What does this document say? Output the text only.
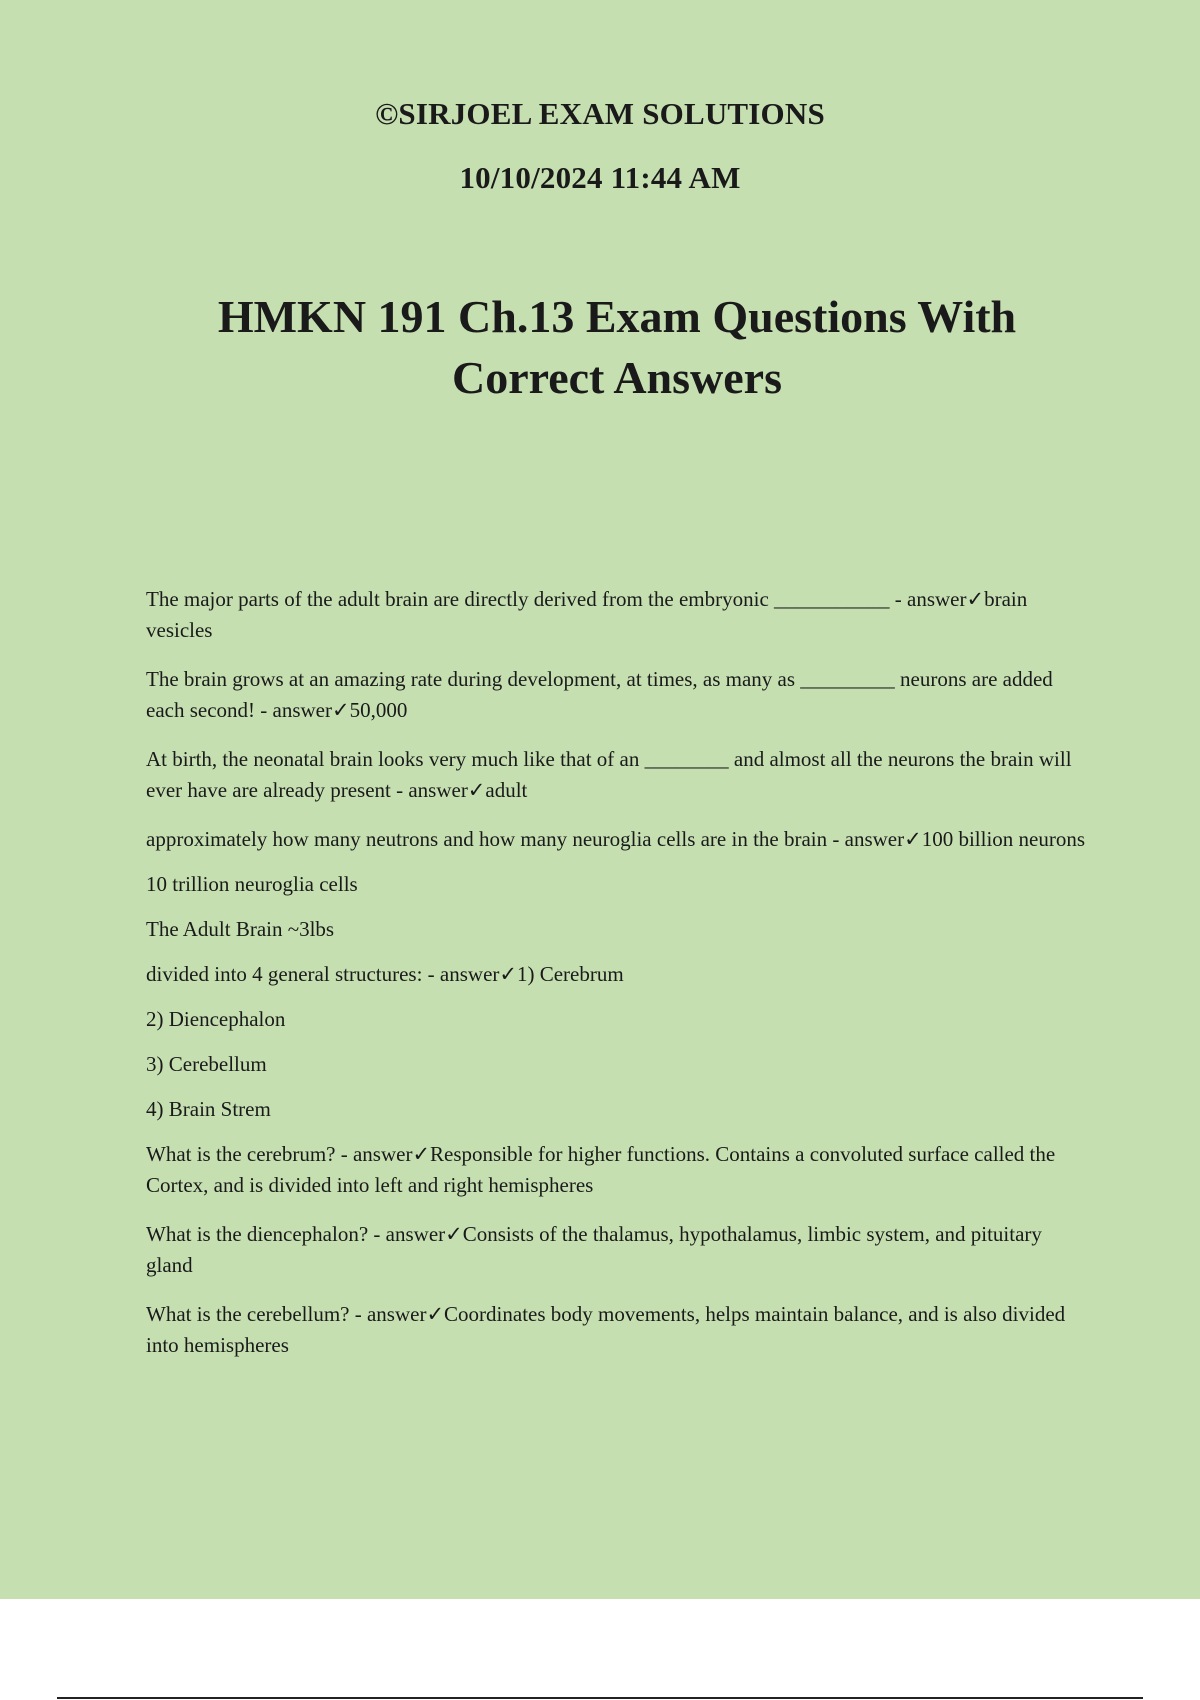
©SIRJOEL EXAM SOLUTIONS
10/10/2024 11:44 AM
HMKN 191 Ch.13 Exam Questions With Correct Answers

The major parts of the adult brain are directly derived from the embryonic ___________ - answer✓brain vesicles

The brain grows at an amazing rate during development, at times, as many as _________ neurons are added each second! - answer✓50,000

At birth, the neonatal brain looks very much like that of an ________ and almost all the neurons the brain will ever have are already present - answer✓adult

approximately how many neutrons and how many neuroglia cells are in the brain - answer✓100 billion neurons

10 trillion neuroglia cells

The Adult Brain ~3lbs

divided into 4 general structures: - answer✓1) Cerebrum

2) Diencephalon

3) Cerebellum

4) Brain Strem

What is the cerebrum? - answer✓Responsible for higher functions. Contains a convoluted surface called the Cortex, and is divided into left and right hemispheres

What is the diencephalon? - answer✓Consists of the thalamus, hypothalamus, limbic system, and pituitary gland

What is the cerebellum? - answer✓Coordinates body movements, helps maintain balance, and is also divided into hemispheres
